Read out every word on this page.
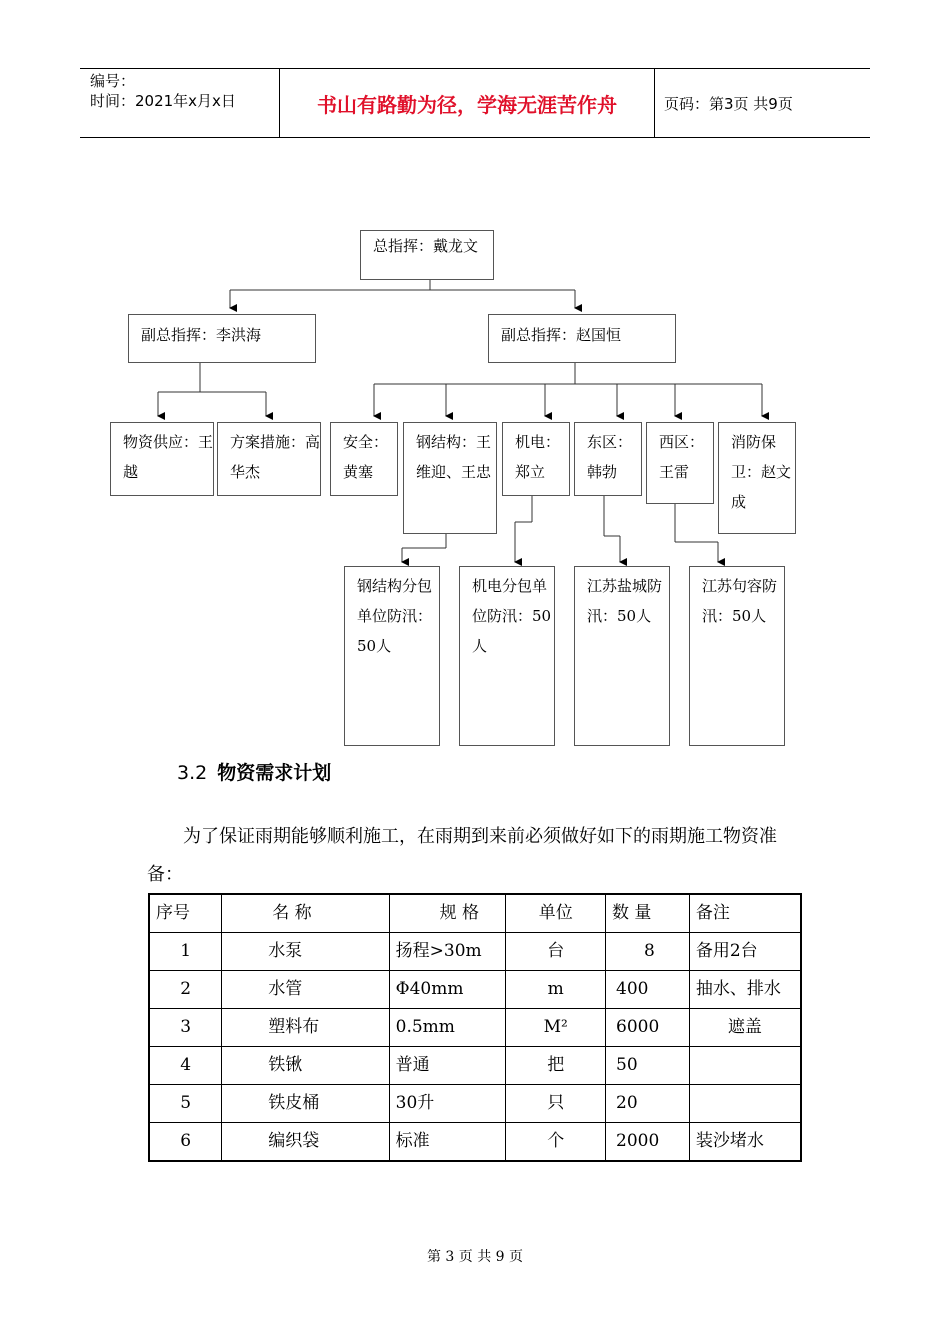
编号：
时间：2021年x月x日	书山有路勤为径，学海无涯苦作舟	页码：第3页 共9页
总指挥：戴龙文
副总指挥：李洪海	副总指挥：赵国恒
物资供应：王越
方案措施：高华杰
安全：黄塞
钢结构：王维迎、王忠
机电：郑立
东区：韩勃
西区：王雷
消防保卫：赵文成
钢结构分包单位防汛：50人
机电分包单位防汛：50人
江苏盐城防汛：50人
江苏句容防汛：50人
3.2 物资需求计划
为了保证雨期能够顺利施工，在雨期到来前必须做好如下的雨期施工物资准备：
序号	名 称	规 格	单位	数 量	备注
1	水泵	扬程>30m	台	8	备用2台
2	水管	Φ40mm	m	400	抽水、排水
3	塑料布	0.5mm	M²	6000	遮盖
4	铁锹	普通	把	50	
5	铁皮桶	30升	只	20	
6	编织袋	标准	个	2000	装沙堵水
第 3 页 共 9 页
